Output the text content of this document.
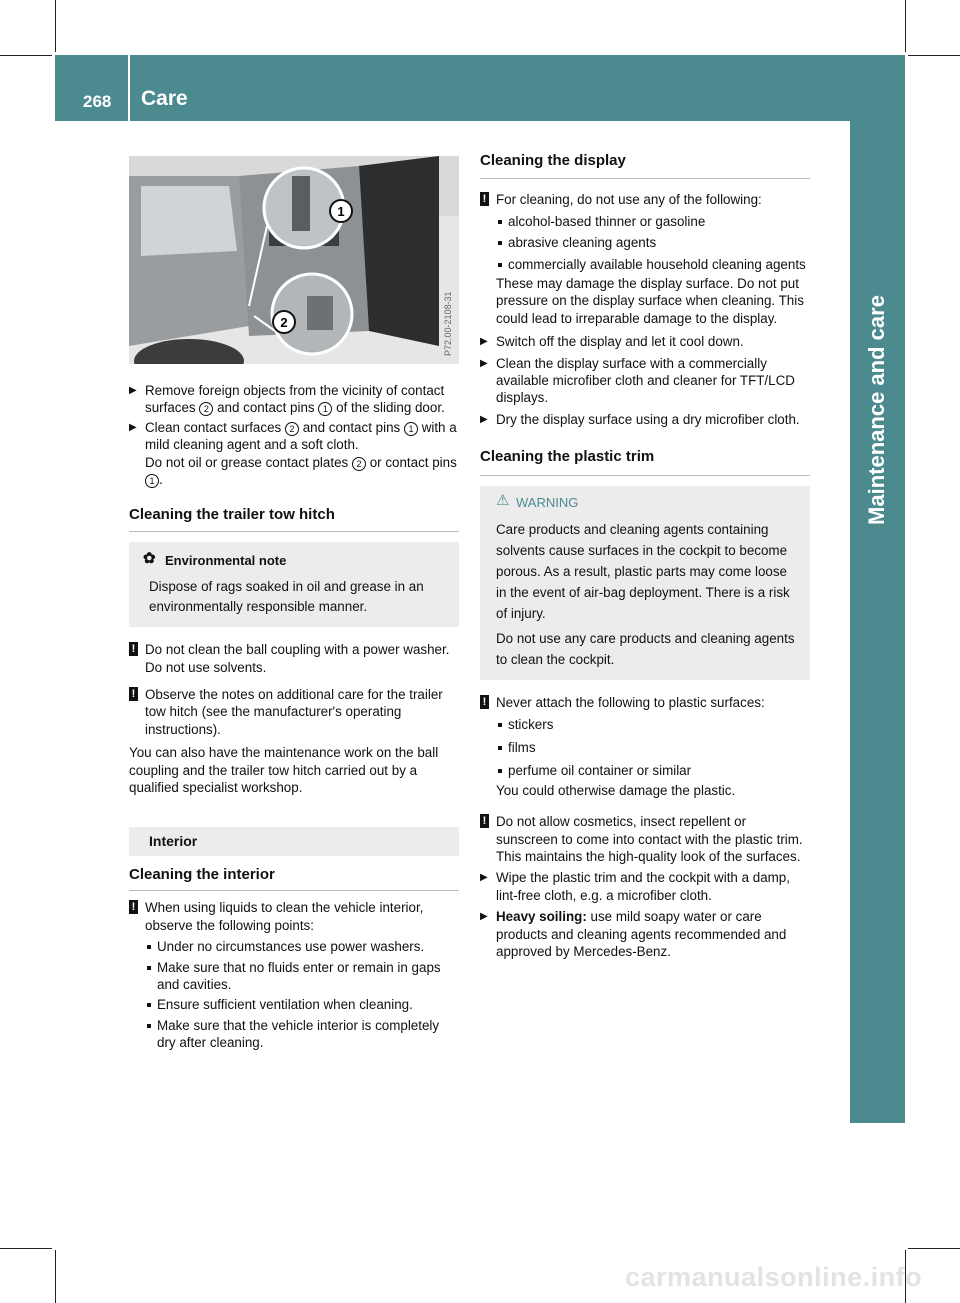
268 Care
Maintenance and care
1
2	P72.00-2108-31

▶ Remove foreign objects from the vicinity of contact surfaces 2 and contact pins 1 of the sliding door.

▶ Clean contact surfaces 2 and contact pins 1 with a mild cleaning agent and a soft cloth.

Do not oil or grease contact plates 2 or contact pins 1 .

Cleaning the trailer tow hitch
✿ Environmental note

Dispose of rags soaked in oil and grease in an environmentally responsible manner.

! Do not clean the ball coupling with a power washer. Do not use solvents.

! Observe the notes on additional care for the trailer tow hitch (see the manufacturer's operating instructions).

You can also have the maintenance work on the ball coupling and the trailer tow hitch carried out by a qualified specialist workshop.

Interior
Cleaning the interior

! When using liquids to clean the vehicle interior, observe the following points:

Under no circumstances use power washers.

Make sure that no fluids enter or remain in gaps and cavities.

Ensure sufficient ventilation when cleaning.

Make sure that the vehicle interior is completely dry after cleaning.

Cleaning the display

! For cleaning, do not use any of the following:

alcohol-based thinner or gasoline

abrasive cleaning agents

commercially available household cleaning agents

These may damage the display surface. Do not put pressure on the display surface when cleaning. This could lead to irreparable damage to the display.

▶ Switch off the display and let it cool down.

▶ Clean the display surface with a commercially available microfiber cloth and cleaner for TFT/LCD displays.

▶ Dry the display surface using a dry microfiber cloth.

Cleaning the plastic trim
⚠ WARNING

Care products and cleaning agents containing solvents cause surfaces in the cockpit to become porous. As a result, plastic parts may come loose in the event of air-bag deployment. There is a risk of injury.

Do not use any care products and cleaning agents to clean the cockpit.

! Never attach the following to plastic surfaces:

stickers

films

perfume oil container or similar

You could otherwise damage the plastic.

! Do not allow cosmetics, insect repellent or sunscreen to come into contact with the plastic trim. This maintains the high-quality look of the surfaces.

▶ Wipe the plastic trim and the cockpit with a damp, lint-free cloth, e.g. a microfiber cloth.

▶ Heavy soiling: use mild soapy water or care products and cleaning agents recommended and approved by Mercedes-Benz.

carmanualsonline.info
